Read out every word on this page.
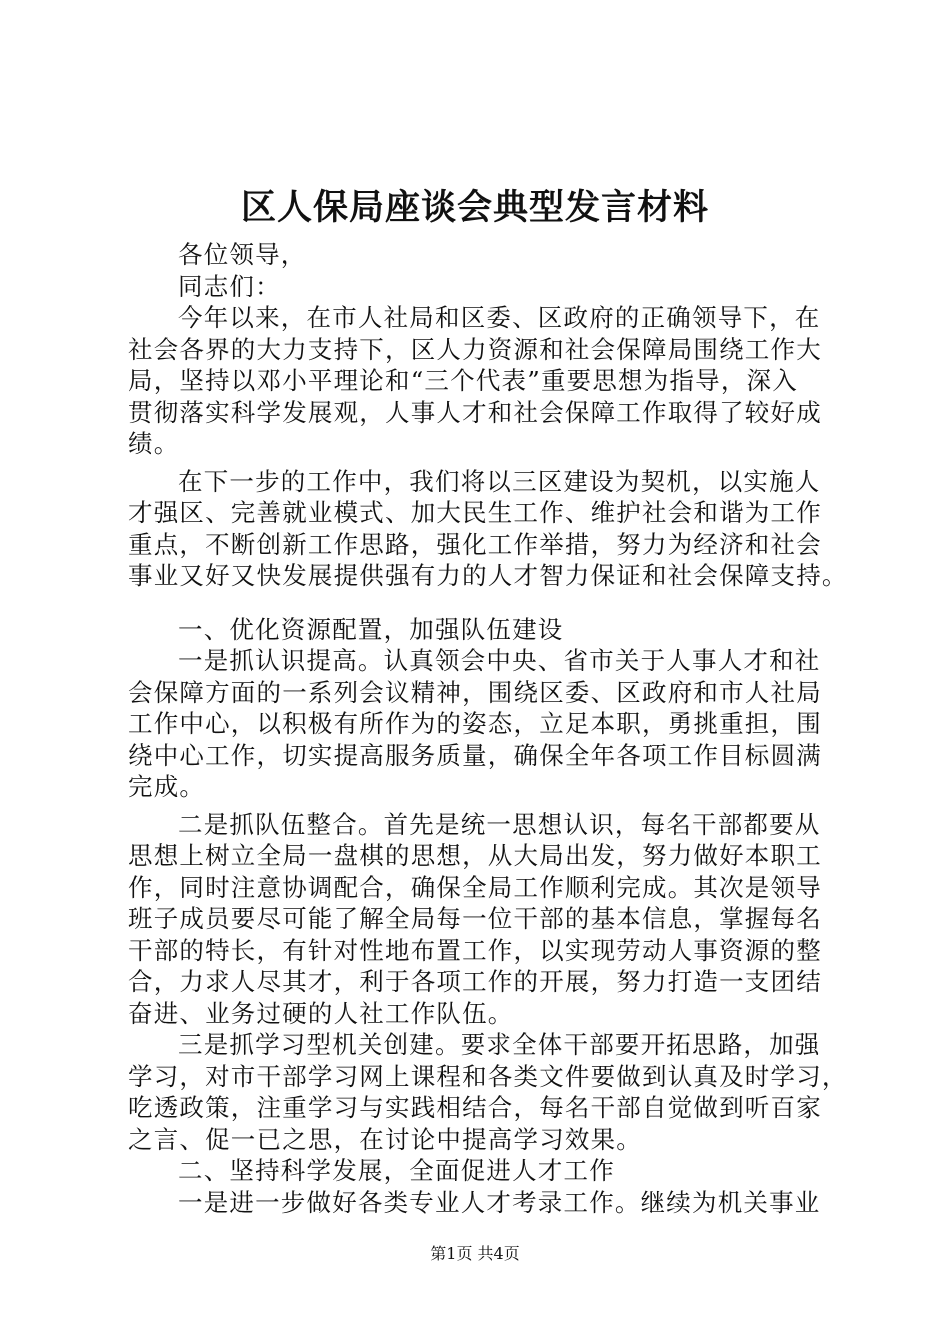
区人保局座谈会典型发言材料
各位领导，
同志们：
今年以来，在市人社局和区委、区政府的正确领导下，在
社会各界的大力支持下，区人力资源和社会保障局围绕工作大
局，坚持以邓小平理论和“三个代表”重要思想为指导，深入
贯彻落实科学发展观，人事人才和社会保障工作取得了较好成
绩。
在下一步的工作中，我们将以三区建设为契机，以实施人
才强区、完善就业模式、加大民生工作、维护社会和谐为工作
重点，不断创新工作思路，强化工作举措，努力为经济和社会
事业又好又快发展提供强有力的人才智力保证和社会保障支持。
一、优化资源配置，加强队伍建设
一是抓认识提高。认真领会中央、省市关于人事人才和社
会保障方面的一系列会议精神，围绕区委、区政府和市人社局
工作中心，以积极有所作为的姿态，立足本职，勇挑重担，围
绕中心工作，切实提高服务质量，确保全年各项工作目标圆满
完成。
二是抓队伍整合。首先是统一思想认识，每名干部都要从
思想上树立全局一盘棋的思想，从大局出发，努力做好本职工
作，同时注意协调配合，确保全局工作顺利完成。其次是领导
班子成员要尽可能了解全局每一位干部的基本信息，掌握每名
干部的特长，有针对性地布置工作，以实现劳动人事资源的整
合，力求人尽其才，利于各项工作的开展，努力打造一支团结
奋进、业务过硬的人社工作队伍。
三是抓学习型机关创建。要求全体干部要开拓思路，加强
学习，对市干部学习网上课程和各类文件要做到认真及时学习，
吃透政策，注重学习与实践相结合，每名干部自觉做到听百家
之言、促一已之思，在讨论中提高学习效果。
二、坚持科学发展，全面促进人才工作
一是进一步做好各类专业人才考录工作。继续为机关事业
第1页 共4页
